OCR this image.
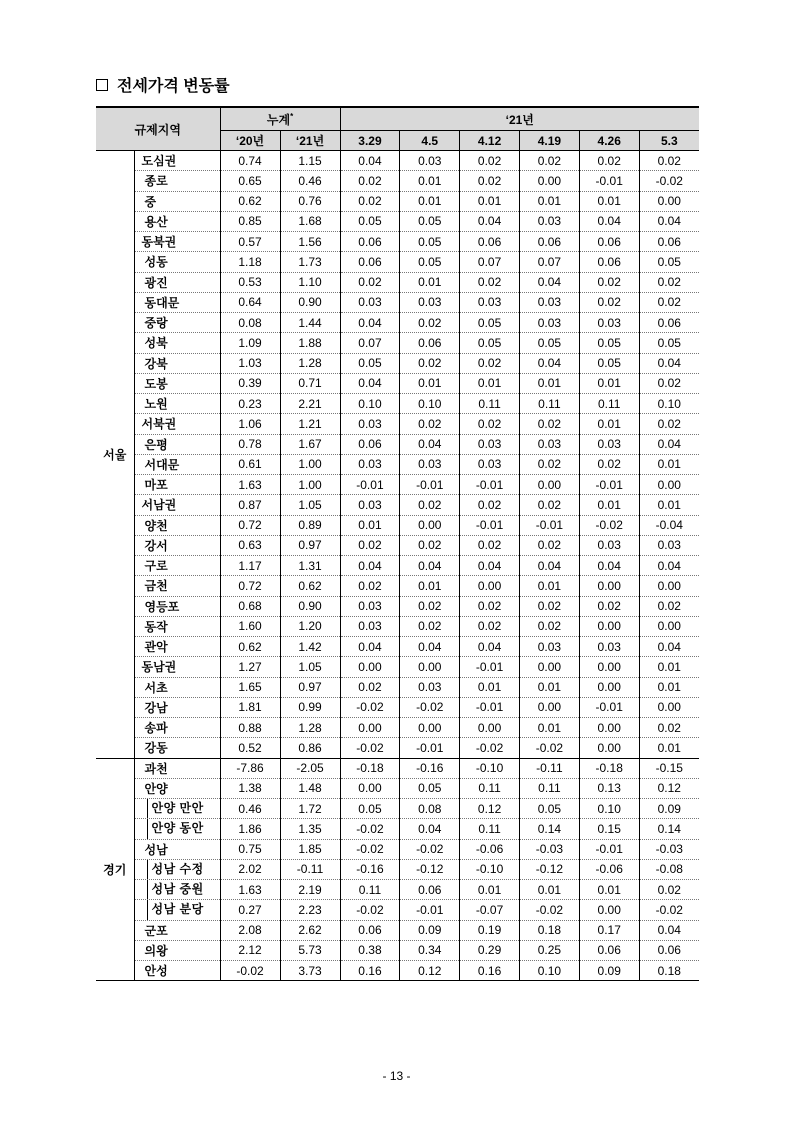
전세가격 변동률
규제지역		누계*		‘21년					
		‘20년	‘21년	3.29	4.5	4.12	4.19	4.26	5.3
서울	도심권	0.74	1.15	0.04	0.03	0.02	0.02	0.02	0.02
	종로	0.65	0.46	0.02	0.01	0.02	0.00	-0.01	-0.02
	중	0.62	0.76	0.02	0.01	0.01	0.01	0.01	0.00
	용산	0.85	1.68	0.05	0.05	0.04	0.03	0.04	0.04
	동북권	0.57	1.56	0.06	0.05	0.06	0.06	0.06	0.06
	성동	1.18	1.73	0.06	0.05	0.07	0.07	0.06	0.05
	광진	0.53	1.10	0.02	0.01	0.02	0.04	0.02	0.02
	동대문	0.64	0.90	0.03	0.03	0.03	0.03	0.02	0.02
	중랑	0.08	1.44	0.04	0.02	0.05	0.03	0.03	0.06
	성북	1.09	1.88	0.07	0.06	0.05	0.05	0.05	0.05
	강북	1.03	1.28	0.05	0.02	0.02	0.04	0.05	0.04
	도봉	0.39	0.71	0.04	0.01	0.01	0.01	0.01	0.02
	노원	0.23	2.21	0.10	0.10	0.11	0.11	0.11	0.10
	서북권	1.06	1.21	0.03	0.02	0.02	0.02	0.01	0.02
	은평	0.78	1.67	0.06	0.04	0.03	0.03	0.03	0.04
	서대문	0.61	1.00	0.03	0.03	0.03	0.02	0.02	0.01
	마포	1.63	1.00	-0.01	-0.01	-0.01	0.00	-0.01	0.00
	서남권	0.87	1.05	0.03	0.02	0.02	0.02	0.01	0.01
	양천	0.72	0.89	0.01	0.00	-0.01	-0.01	-0.02	-0.04
	강서	0.63	0.97	0.02	0.02	0.02	0.02	0.03	0.03
	구로	1.17	1.31	0.04	0.04	0.04	0.04	0.04	0.04
	금천	0.72	0.62	0.02	0.01	0.00	0.01	0.00	0.00
	영등포	0.68	0.90	0.03	0.02	0.02	0.02	0.02	0.02
	동작	1.60	1.20	0.03	0.02	0.02	0.02	0.00	0.00
	관악	0.62	1.42	0.04	0.04	0.04	0.03	0.03	0.04
	동남권	1.27	1.05	0.00	0.00	-0.01	0.00	0.00	0.01
	서초	1.65	0.97	0.02	0.03	0.01	0.01	0.00	0.01
	강남	1.81	0.99	-0.02	-0.02	-0.01	0.00	-0.01	0.00
	송파	0.88	1.28	0.00	0.00	0.00	0.01	0.00	0.02
	강동	0.52	0.86	-0.02	-0.01	-0.02	-0.02	0.00	0.01
경기	과천	-7.86	-2.05	-0.18	-0.16	-0.10	-0.11	-0.18	-0.15
	안양	1.38	1.48	0.00	0.05	0.11	0.11	0.13	0.12

	안양 만안	0.46	1.72	0.05	0.08	0.12	0.05	0.10	0.09

	안양 동안	1.86	1.35	-0.02	0.04	0.11	0.14	0.15	0.14
	성남	0.75	1.85	-0.02	-0.02	-0.06	-0.03	-0.01	-0.03

	성남 수정	2.02	-0.11	-0.16	-0.12	-0.10	-0.12	-0.06	-0.08

	성남 중원	1.63	2.19	0.11	0.06	0.01	0.01	0.01	0.02

	성남 분당	0.27	2.23	-0.02	-0.01	-0.07	-0.02	0.00	-0.02
	군포	2.08	2.62	0.06	0.09	0.19	0.18	0.17	0.04
	의왕	2.12	5.73	0.38	0.34	0.29	0.25	0.06	0.06
	안성	-0.02	3.73	0.16	0.12	0.16	0.10	0.09	0.18
- 13 -
